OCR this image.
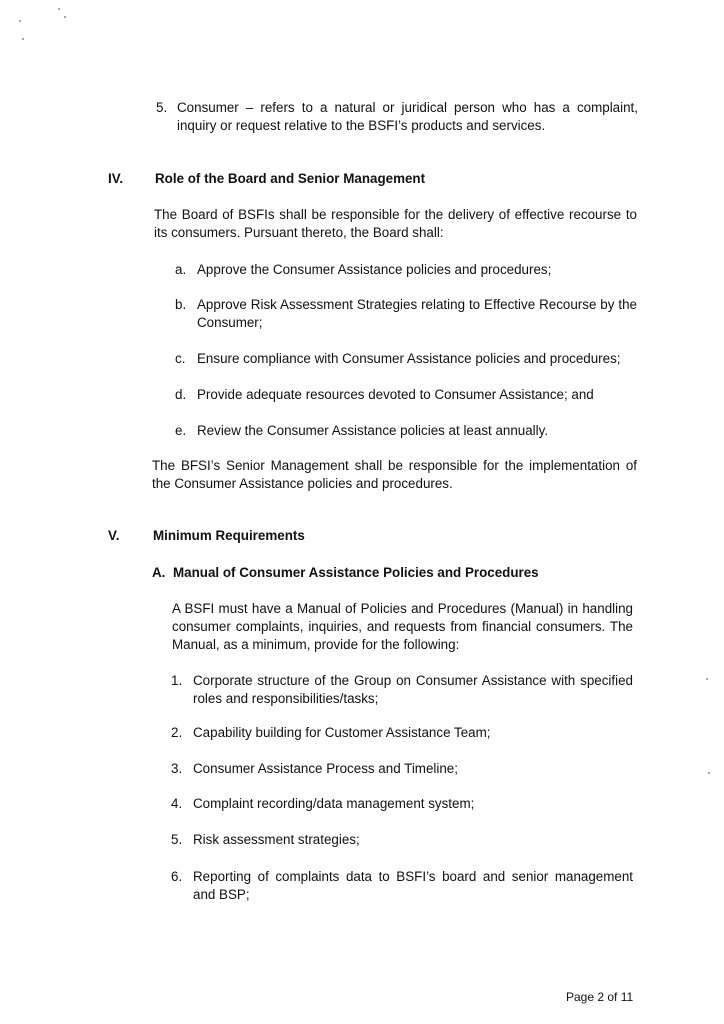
5. Consumer – refers to a natural or juridical person who has a complaint, inquiry or request relative to the BSFI’s products and services.
IV. Role of the Board and Senior Management
The Board of BSFIs shall be responsible for the delivery of effective recourse to its consumers. Pursuant thereto, the Board shall:
a. Approve the Consumer Assistance policies and procedures;
b. Approve Risk Assessment Strategies relating to Effective Recourse by the Consumer;
c. Ensure compliance with Consumer Assistance policies and procedures;
d. Provide adequate resources devoted to Consumer Assistance; and
e. Review the Consumer Assistance policies at least annually.
The BFSI’s Senior Management shall be responsible for the implementation of the Consumer Assistance policies and procedures.
V.	Minimum Requirements
A. Manual of Consumer Assistance Policies and Procedures
A BSFI must have a Manual of Policies and Procedures (Manual) in handling consumer complaints, inquiries, and requests from financial consumers. The Manual, as a minimum, provide for the following:
1. Corporate structure of the Group on Consumer Assistance with specified roles and responsibilities/tasks;
2. Capability building for Customer Assistance Team;
3. Consumer Assistance Process and Timeline;
4. Complaint recording/data management system;
5. Risk assessment strategies;
6. Reporting of complaints data to BSFI’s board and senior management and BSP;
Page 2 of 11
